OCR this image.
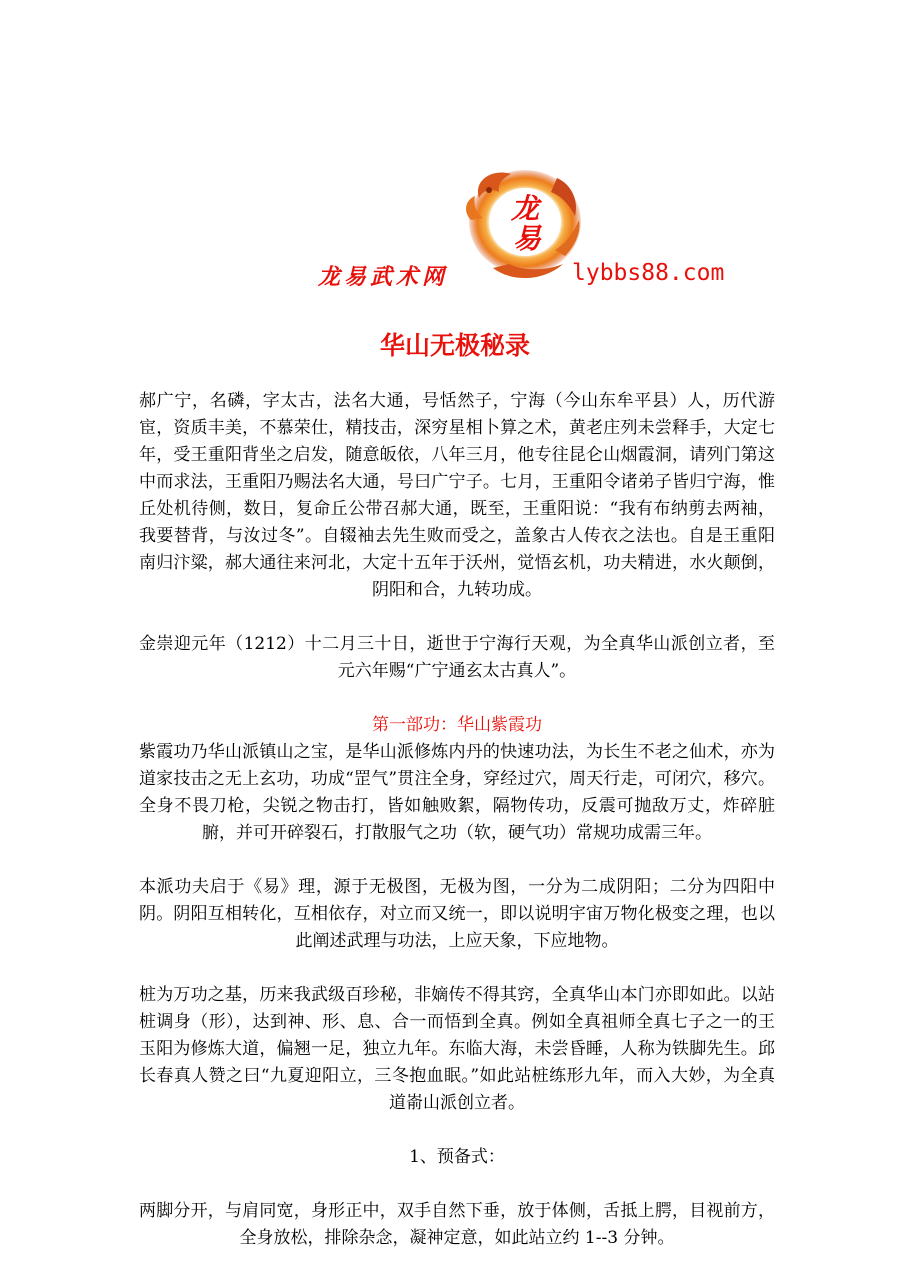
龙
易
龙易武术网	lybbs88.com
华山无极秘录

郝广宁，名磷，字太古，法名大通，号恬然子，宁海（今山东牟平县）人，历代游宦，资质丰美，不慕荣仕，精技击，深穷星相卜算之术，黄老庄列未尝释手，大定七年，受王重阳背坐之启发，随意皈依，八年三月，他专往昆仑山烟霞洞，请列门第这中而求法，王重阳乃赐法名大通，号曰广宁子。七月，王重阳令诸弟子皆归宁海，惟丘处机待侧，数日，复命丘公带召郝大通，既至，王重阳说：“我有布纳剪去两袖，我要替背，与汝过冬”。自辍袖去先生败而受之，盖象古人传衣之法也。自是王重阳南归汴粱，郝大通往来河北，大定十五年于沃州，觉悟玄机，功夫精进，水火颠倒，阴阳和合，九转功成。

金崇迎元年（1212）十二月三十日，逝世于宁海行天观，为全真华山派创立者，至元六年赐“广宁通玄太古真人”。

第一部功：华山紫霞功

紫霞功乃华山派镇山之宝，是华山派修炼内丹的快速功法，为长生不老之仙术，亦为道家技击之无上玄功，功成“罡气”贯注全身，穿经过穴，周天行走，可闭穴，移穴。全身不畏刀枪，尖锐之物击打，皆如触败絮，隔物传功，反震可抛敌万丈，炸碎脏腑，并可开碎裂石，打散服气之功（软，硬气功）常规功成需三年。

本派功夫启于《易》理，源于无极图，无极为图，一分为二成阴阳；二分为四阳中阴。阴阳互相转化，互相依存，对立而又统一，即以说明宇宙万物化极变之理，也以此阐述武理与功法，上应天象，下应地物。

桩为万功之基，历来我武级百珍秘，非嫡传不得其窍，全真华山本门亦即如此。以站桩调身（形），达到神、形、息、合一而悟到全真。例如全真祖师全真七子之一的王玉阳为修炼大道，偏翘一足，独立九年。东临大海，未尝昏睡，人称为铁脚先生。邱长春真人赞之曰“九夏迎阳立，三冬抱血眠。”如此站桩练形九年，而入大妙，为全真道嵛山派创立者。

1、预备式：

两脚分开，与肩同宽，身形正中，双手自然下垂，放于体侧，舌抵上腭，目视前方，全身放松，排除杂念，凝神定意，如此站立约 1--3 分钟。
